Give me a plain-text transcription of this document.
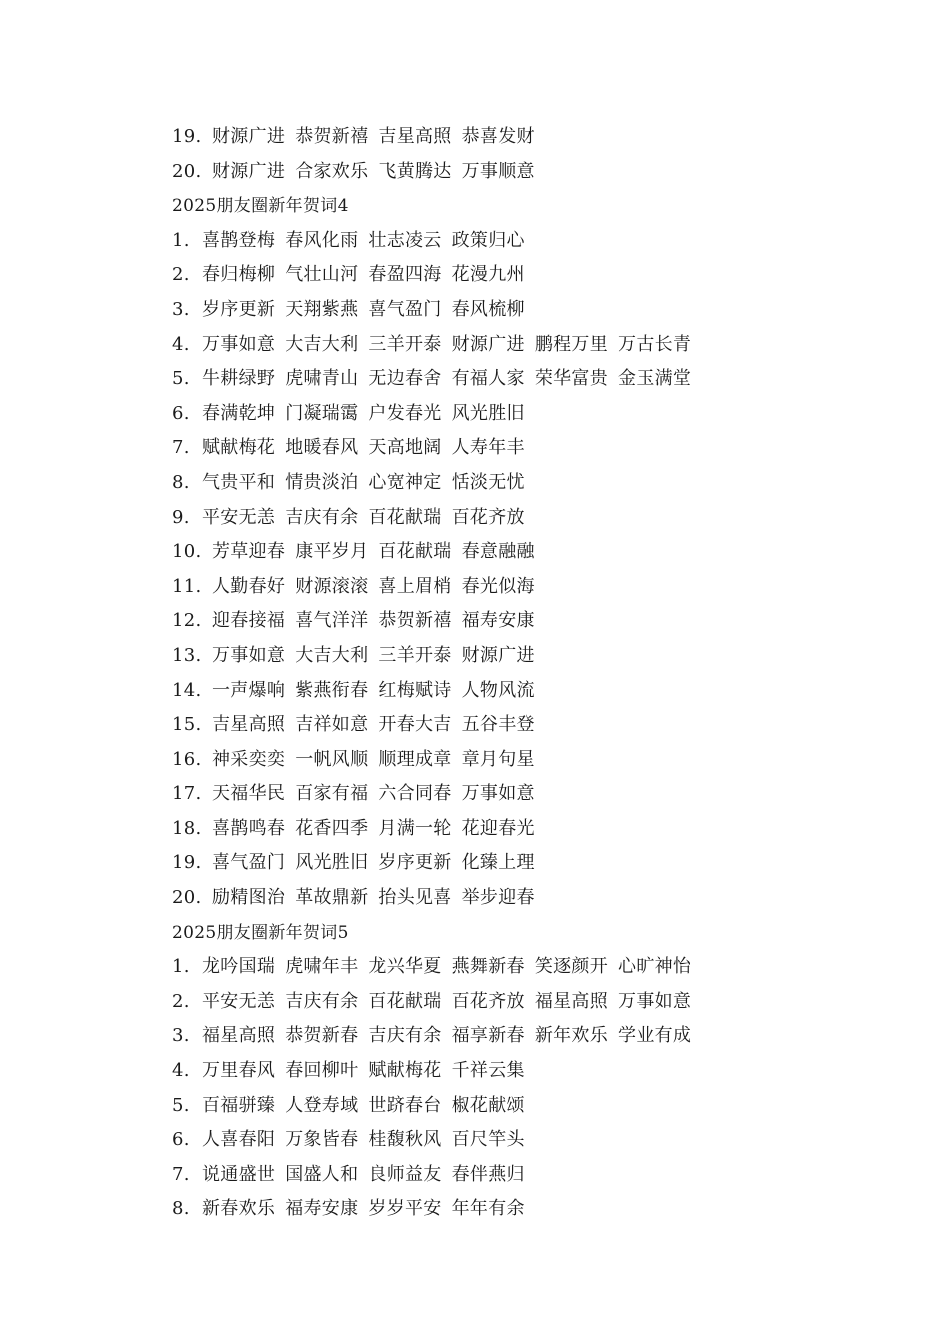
19. 财源广进 恭贺新禧 吉星高照 恭喜发财
20. 财源广进 合家欢乐 飞黄腾达 万事顺意
2025朋友圈新年贺词4
1. 喜鹊登梅 春风化雨 壮志凌云 政策归心
2. 春归梅柳 气壮山河 春盈四海 花漫九州
3. 岁序更新 天翔紫燕 喜气盈门 春风梳柳
4. 万事如意 大吉大利 三羊开泰 财源广进 鹏程万里 万古长青
5. 牛耕绿野 虎啸青山 无边春舍 有福人家 荣华富贵 金玉满堂
6. 春满乾坤 门凝瑞霭 户发春光 风光胜旧
7. 赋献梅花 地暖春风 天高地阔 人寿年丰
8. 气贵平和 情贵淡泊 心宽神定 恬淡无忧
9. 平安无恙 吉庆有余 百花献瑞 百花齐放
10. 芳草迎春 康平岁月 百花献瑞 春意融融
11. 人勤春好 财源滚滚 喜上眉梢 春光似海
12. 迎春接福 喜气洋洋 恭贺新禧 福寿安康
13. 万事如意 大吉大利 三羊开泰 财源广进
14. 一声爆响 紫燕衔春 红梅赋诗 人物风流
15. 吉星高照 吉祥如意 开春大吉 五谷丰登
16. 神采奕奕 一帆风顺 顺理成章 章月句星
17. 天福华民 百家有福 六合同春 万事如意
18. 喜鹊鸣春 花香四季 月满一轮 花迎春光
19. 喜气盈门 风光胜旧 岁序更新 化臻上理
20. 励精图治 革故鼎新 抬头见喜 举步迎春
2025朋友圈新年贺词5
1. 龙吟国瑞 虎啸年丰 龙兴华夏 燕舞新春 笑逐颜开 心旷神怡
2. 平安无恙 吉庆有余 百花献瑞 百花齐放 福星高照 万事如意
3. 福星高照 恭贺新春 吉庆有余 福享新春 新年欢乐 学业有成
4. 万里春风 春回柳叶 赋献梅花 千祥云集
5. 百福骈臻 人登寿域 世跻春台 椒花献颂
6. 人喜春阳 万象皆春 桂馥秋风 百尺竿头
7. 说通盛世 国盛人和 良师益友 春伴燕归
8. 新春欢乐 福寿安康 岁岁平安 年年有余
